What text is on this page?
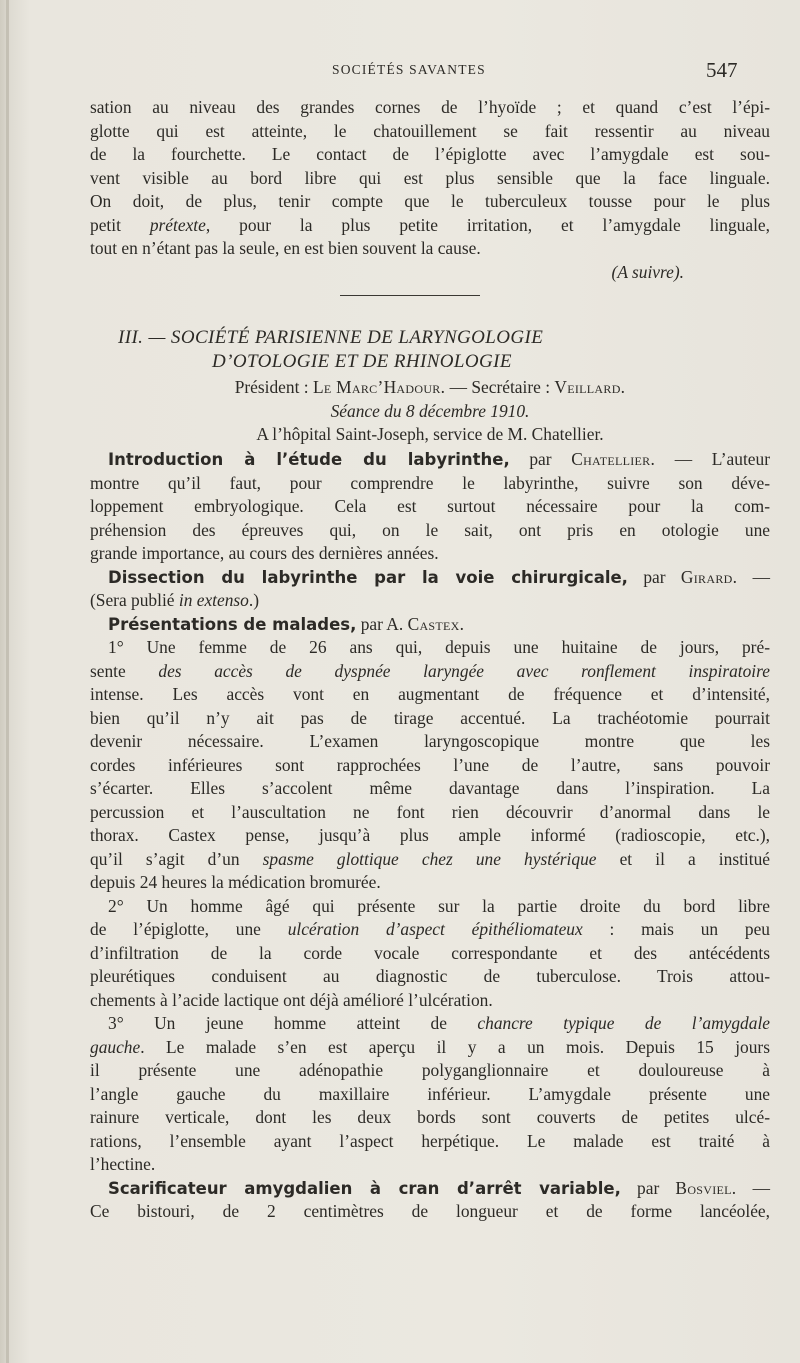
SOCIÉTÉS SAVANTES	547
sation au niveau des grandes cornes de l’hyoïde ; et quand c’est l’épi-
glotte qui est atteinte, le chatouillement se fait ressentir au niveau
de la fourchette. Le contact de l’épiglotte avec l’amygdale est sou-
vent visible au bord libre qui est plus sensible que la face linguale.
On doit, de plus, tenir compte que le tuberculeux tousse pour le plus
petit prétexte, pour la plus petite irritation, et l’amygdale linguale,
tout en n’étant pas la seule, en est bien souvent la cause.
(A suivre).
III. — SOCIÉTÉ PARISIENNE DE LARYNGOLOGIE
D’OTOLOGIE ET DE RHINOLOGIE
Président : Le Marc’Hadour. — Secrétaire : Veillard.
Séance du 8 décembre 1910.
A l’hôpital Saint-Joseph, service de M. Chatellier.
Introduction à l’étude du labyrinthe, par Chatellier. — L’auteur
montre qu’il faut, pour comprendre le labyrinthe, suivre son déve-
loppement embryologique. Cela est surtout nécessaire pour la com-
préhension des épreuves qui, on le sait, ont pris en otologie une
grande importance, au cours des dernières années.
Dissection du labyrinthe par la voie chirurgicale, par Girard. —
(Sera publié in extenso.)
Présentations de malades, par A. Castex.
1° Une femme de 26 ans qui, depuis une huitaine de jours, pré-
sente des accès de dyspnée laryngée avec ronflement inspiratoire
intense. Les accès vont en augmentant de fréquence et d’intensité,
bien qu’il n’y ait pas de tirage accentué. La trachéotomie pourrait
devenir nécessaire. L’examen laryngoscopique montre que les
cordes inférieures sont rapprochées l’une de l’autre, sans pouvoir
s’écarter. Elles s’accolent même davantage dans l’inspiration. La
percussion et l’auscultation ne font rien découvrir d’anormal dans le
thorax. Castex pense, jusqu’à plus ample informé (radioscopie, etc.),
qu’il s’agit d’un spasme glottique chez une hystérique et il a institué
depuis 24 heures la médication bromurée.
2° Un homme âgé qui présente sur la partie droite du bord libre
de l’épiglotte, une ulcération d’aspect épithéliomateux : mais un peu
d’infiltration de la corde vocale correspondante et des antécédents
pleurétiques conduisent au diagnostic de tuberculose. Trois attou-
chements à l’acide lactique ont déjà amélioré l’ulcération.
3° Un jeune homme atteint de chancre typique de l’amygdale
gauche. Le malade s’en est aperçu il y a un mois. Depuis 15 jours
il présente une adénopathie polyganglionnaire et douloureuse à
l’angle gauche du maxillaire inférieur. L’amygdale présente une
rainure verticale, dont les deux bords sont couverts de petites ulcé-
rations, l’ensemble ayant l’aspect herpétique. Le malade est traité à
l’hectine.
Scarificateur amygdalien à cran d’arrêt variable, par Bosviel. —
Ce bistouri, de 2 centimètres de longueur et de forme lancéolée,
